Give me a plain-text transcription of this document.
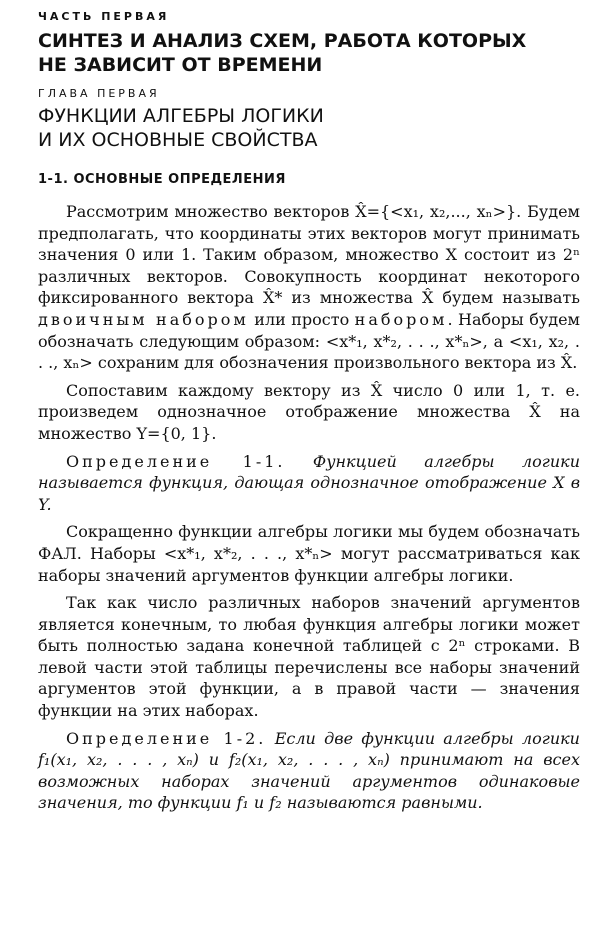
ЧАСТЬ ПЕРВАЯ
СИНТЕЗ И АНАЛИЗ СХЕМ, РАБОТА КОТОРЫХ
НЕ ЗАВИСИТ ОТ ВРЕМЕНИ
ГЛАВА ПЕРВАЯ
ФУНКЦИИ АЛГЕБРЫ ЛОГИКИ
И ИХ ОСНОВНЫЕ СВОЙСТВА
1-1. ОСНОВНЫЕ ОПРЕДЕЛЕНИЯ

Рассмотрим множество векторов X̂={<x₁, x₂,..., xₙ>}. Будем предполагать, что координаты этих векторов могут принимать значения 0 или 1. Таким образом, множество X состоит из 2ⁿ различных векторов. Совокупность координат некоторого фиксированного вектора X̂* из множества X̂ будем называть двоичным набором или просто набором. Наборы будем обозначать следующим образом: <x*₁, x*₂, . . ., x*ₙ>, а <x₁, x₂, . . ., xₙ> сохраним для обозначения произвольного вектора из X̂.

Сопоставим каждому вектору из X̂ число 0 или 1, т. е. произведем однозначное отображение множества X̂ на множество Y={0, 1}.

Определение 1-1. Функцией алгебры логики называется функция, дающая однозначное отображение X в Y.

Сокращенно функции алгебры логики мы будем обозначать ФАЛ. Наборы <x*₁, x*₂, . . ., x*ₙ> могут рассматриваться как наборы значений аргументов функции алгебры логики.

Так как число различных наборов значений аргументов является конечным, то любая функция алгебры логики может быть полностью задана конечной таблицей с 2ⁿ строками. В левой части этой таблицы перечислены все наборы значений аргументов этой функции, а в правой части — значения функции на этих наборах.

Определение 1-2. Если две функции алгебры логики f₁(x₁, x₂, . . . , xₙ) и f₂(x₁, x₂, . . . , xₙ) принимают на всех возможных наборах значений аргументов одинаковые значения, то функции f₁ и f₂ называются равными.
